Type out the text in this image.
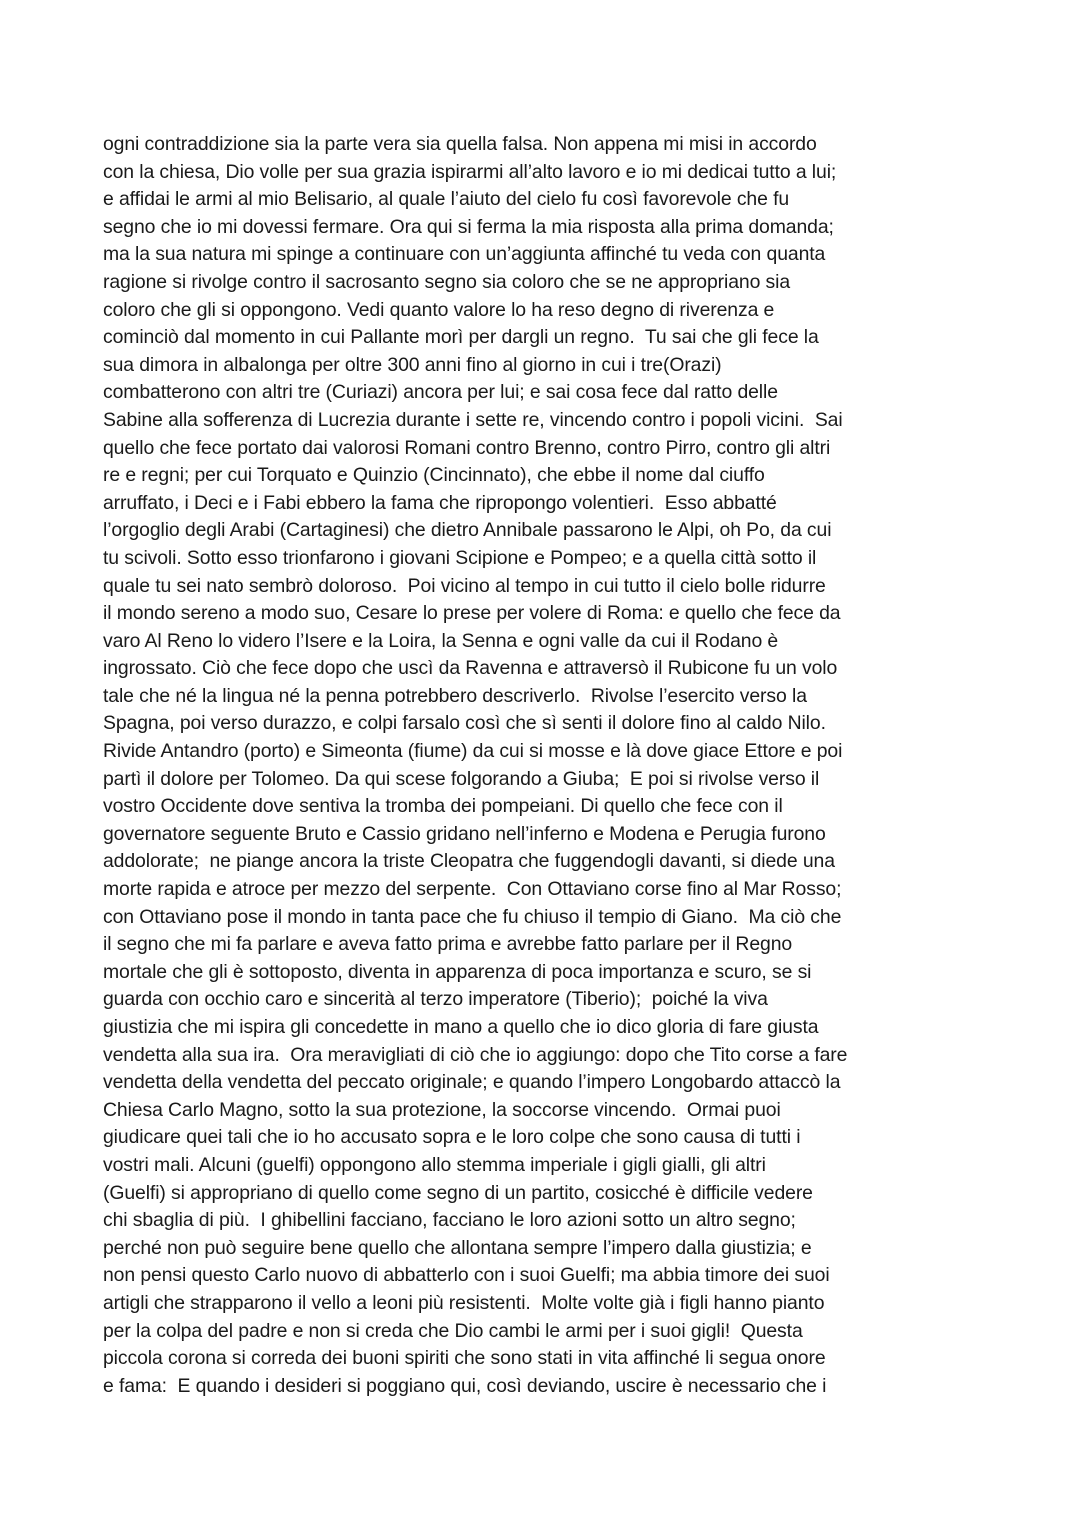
ogni contraddizione sia la parte vera sia quella falsa. Non appena mi misi in accordo
con la chiesa, Dio volle per sua grazia ispirarmi all’alto lavoro e io mi dedicai tutto a lui;
e affidai le armi al mio Belisario, al quale l’aiuto del cielo fu così favorevole che fu
segno che io mi dovessi fermare. Ora qui si ferma la mia risposta alla prima domanda;
ma la sua natura mi spinge a continuare con un’aggiunta affinché tu veda con quanta
ragione si rivolge contro il sacrosanto segno sia coloro che se ne appropriano sia
coloro che gli si oppongono. Vedi quanto valore lo ha reso degno di riverenza e
cominciò dal momento in cui Pallante morì per dargli un regno.  Tu sai che gli fece la
sua dimora in albalonga per oltre 300 anni fino al giorno in cui i tre(Orazi)
combatterono con altri tre (Curiazi) ancora per lui; e sai cosa fece dal ratto delle
Sabine alla sofferenza di Lucrezia durante i sette re, vincendo contro i popoli vicini.  Sai
quello che fece portato dai valorosi Romani contro Brenno, contro Pirro, contro gli altri
re e regni; per cui Torquato e Quinzio (Cincinnato), che ebbe il nome dal ciuffo
arruffato, i Deci e i Fabi ebbero la fama che ripropongo volentieri.  Esso abbatté
l’orgoglio degli Arabi (Cartaginesi) che dietro Annibale passarono le Alpi, oh Po, da cui
tu scivoli. Sotto esso trionfarono i giovani Scipione e Pompeo; e a quella città sotto il
quale tu sei nato sembrò doloroso.  Poi vicino al tempo in cui tutto il cielo bolle ridurre
il mondo sereno a modo suo, Cesare lo prese per volere di Roma: e quello che fece da
varo Al Reno lo videro l’Isere e la Loira, la Senna e ogni valle da cui il Rodano è
ingrossato. Ciò che fece dopo che uscì da Ravenna e attraversò il Rubicone fu un volo
tale che né la lingua né la penna potrebbero descriverlo.  Rivolse l’esercito verso la
Spagna, poi verso durazzo, e colpi farsalo così che sì senti il dolore fino al caldo Nilo.
Rivide Antandro (porto) e Simeonta (fiume) da cui si mosse e là dove giace Ettore e poi
partì il dolore per Tolomeo. Da qui scese folgorando a Giuba;  E poi si rivolse verso il
vostro Occidente dove sentiva la tromba dei pompeiani. Di quello che fece con il
governatore seguente Bruto e Cassio gridano nell’inferno e Modena e Perugia furono
addolorate;  ne piange ancora la triste Cleopatra che fuggendogli davanti, si diede una
morte rapida e atroce per mezzo del serpente.  Con Ottaviano corse fino al Mar Rosso;
con Ottaviano pose il mondo in tanta pace che fu chiuso il tempio di Giano.  Ma ciò che
il segno che mi fa parlare e aveva fatto prima e avrebbe fatto parlare per il Regno
mortale che gli è sottoposto, diventa in apparenza di poca importanza e scuro, se si
guarda con occhio caro e sincerità al terzo imperatore (Tiberio);  poiché la viva
giustizia che mi ispira gli concedette in mano a quello che io dico gloria di fare giusta
vendetta alla sua ira.  Ora meravigliati di ciò che io aggiungo: dopo che Tito corse a fare
vendetta della vendetta del peccato originale; e quando l’impero Longobardo attaccò la
Chiesa Carlo Magno, sotto la sua protezione, la soccorse vincendo.  Ormai puoi
giudicare quei tali che io ho accusato sopra e le loro colpe che sono causa di tutti i
vostri mali. Alcuni (guelfi) oppongono allo stemma imperiale i gigli gialli, gli altri
(Guelfi) si appropriano di quello come segno di un partito, cosicché è difficile vedere
chi sbaglia di più.  I ghibellini facciano, facciano le loro azioni sotto un altro segno;
perché non può seguire bene quello che allontana sempre l’impero dalla giustizia; e
non pensi questo Carlo nuovo di abbatterlo con i suoi Guelfi; ma abbia timore dei suoi
artigli che strapparono il vello a leoni più resistenti.  Molte volte già i figli hanno pianto
per la colpa del padre e non si creda che Dio cambi le armi per i suoi gigli!  Questa
piccola corona si correda dei buoni spiriti che sono stati in vita affinché li segua onore
e fama:  E quando i desideri si poggiano qui, così deviando, uscire è necessario che i
